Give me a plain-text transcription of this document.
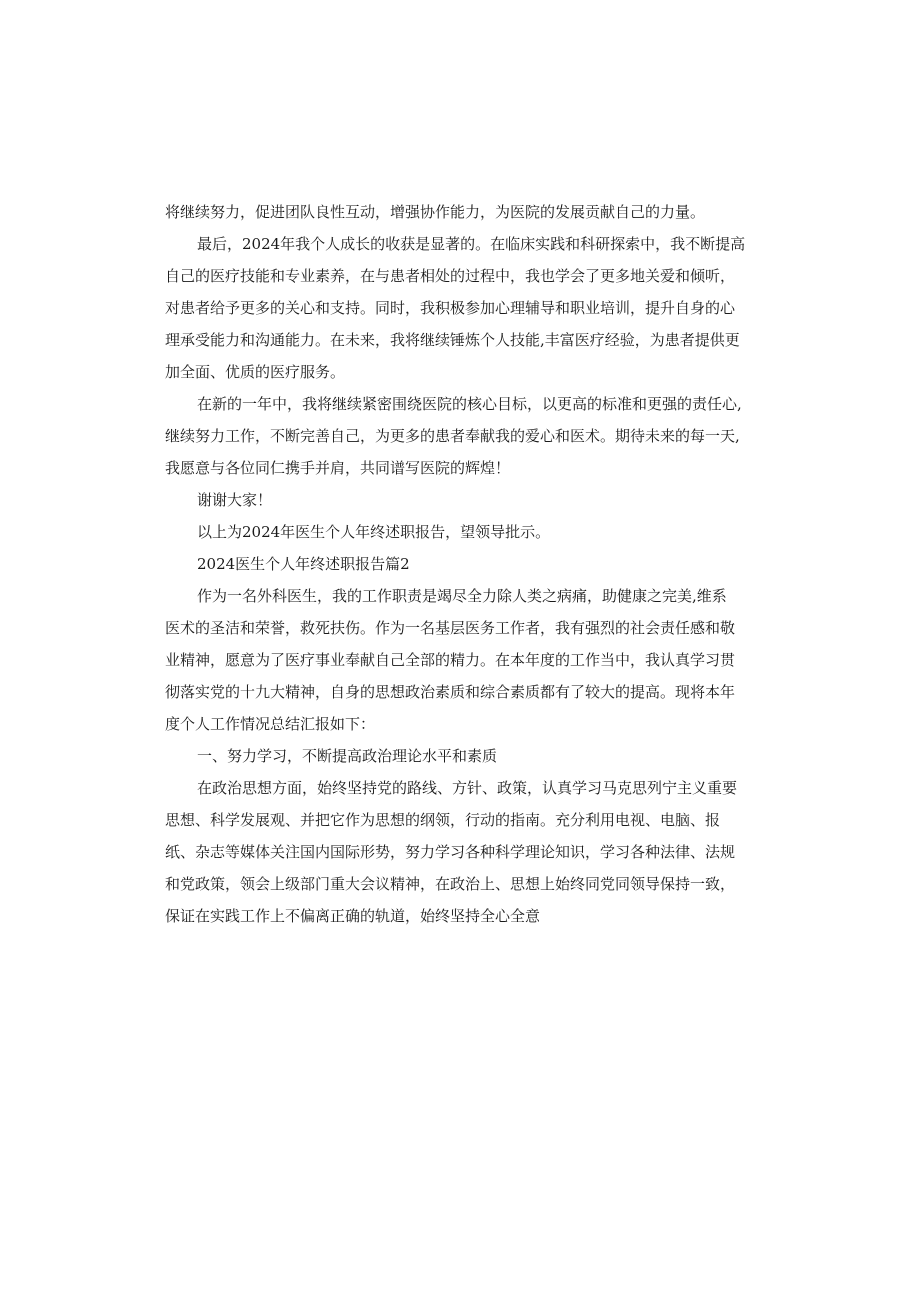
将继续努力，促进团队良性互动，增强协作能力，为医院的发展贡献自己的力量。
最后，2024年我个人成长的收获是显著的。在临床实践和科研探索中，我不断提高
自己的医疗技能和专业素养，在与患者相处的过程中，我也学会了更多地关爱和倾听，
对患者给予更多的关心和支持。同时，我积极参加心理辅导和职业培训，提升自身的心
理承受能力和沟通能力。在未来，我将继续锤炼个人技能,丰富医疗经验，为患者提供更
加全面、优质的医疗服务。
在新的一年中，我将继续紧密围绕医院的核心目标，以更高的标准和更强的责任心,
继续努力工作，不断完善自己，为更多的患者奉献我的爱心和医术。期待未来的每一天,
我愿意与各位同仁携手并肩，共同谱写医院的辉煌！
谢谢大家！
以上为2024年医生个人年终述职报告，望领导批示。
2024医生个人年终述职报告篇2
作为一名外科医生，我的工作职责是竭尽全力除人类之病痛，助健康之完美,维系
医术的圣洁和荣誉，救死扶伤。作为一名基层医务工作者，我有强烈的社会责任感和敬
业精神，愿意为了医疗事业奉献自己全部的精力。在本年度的工作当中，我认真学习贯
彻落实党的十九大精神，自身的思想政治素质和综合素质都有了较大的提高。现将本年
度个人工作情况总结汇报如下：
一、努力学习，不断提高政治理论水平和素质
在政治思想方面，始终坚持党的路线、方针、政策，认真学习马克思列宁主义重要
思想、科学发展观、并把它作为思想的纲领，行动的指南。充分利用电视、电脑、报
纸、杂志等媒体关注国内国际形势，努力学习各种科学理论知识，学习各种法律、法规
和党政策，领会上级部门重大会议精神，在政治上、思想上始终同党同领导保持一致，
保证在实践工作上不偏离正确的轨道，始终坚持全心全意
